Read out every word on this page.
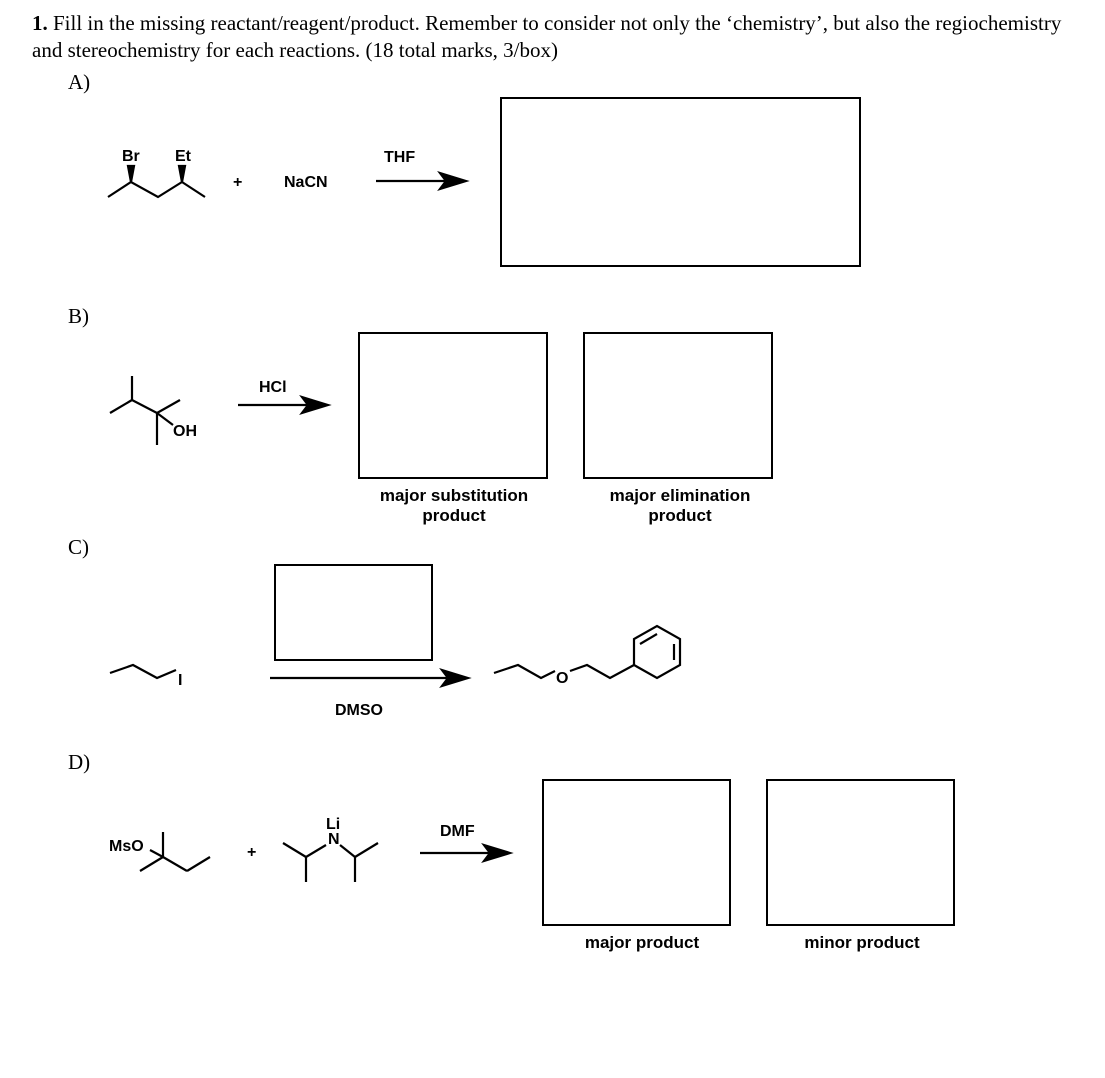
1. Fill in the missing reactant/reagent/product. Remember to consider not only the ‘chemistry’, but also the regiochemistry and stereochemistry for each reactions. (18 total marks, 3/box)
A)
Br Et
+	NaCN
THF
B)
OH
HCl
major substitution
product
major elimination
product
C)
I	O
DMSO
D)
MsO	+
Li
N	DMF
major product	minor product
